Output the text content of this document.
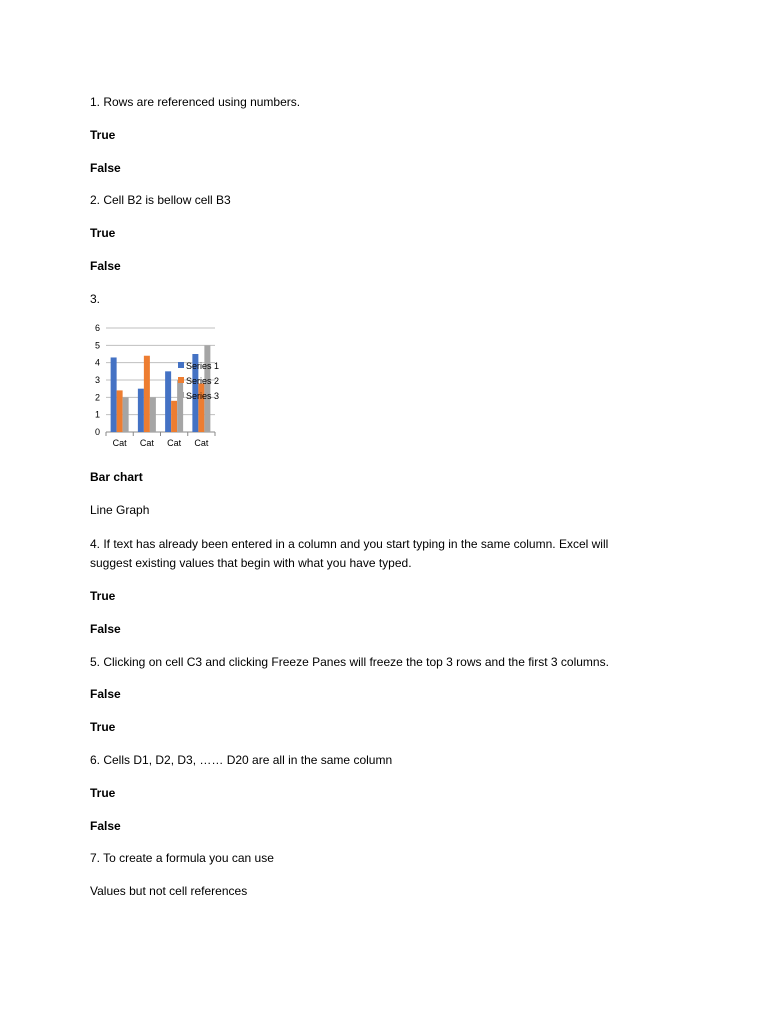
1. Rows are referenced using numbers.
True
False
2. Cell B2 is bellow cell B3
True
False
3.
0
1
2
3
4
5
6
Cat Cat Cat Cat
Series 1
Series 2
Series 3
Bar chart
Line Graph
4. If text has already been entered in a column and you start typing in the same column. Excel will suggest existing values that begin with what you have typed.
True
False
5. Clicking on cell C3 and clicking Freeze Panes will freeze the top 3 rows and the first 3 columns.
False
True
6. Cells D1, D2, D3, …… D20 are all in the same column
True
False
7. To create a formula you can use
Values but not cell references
